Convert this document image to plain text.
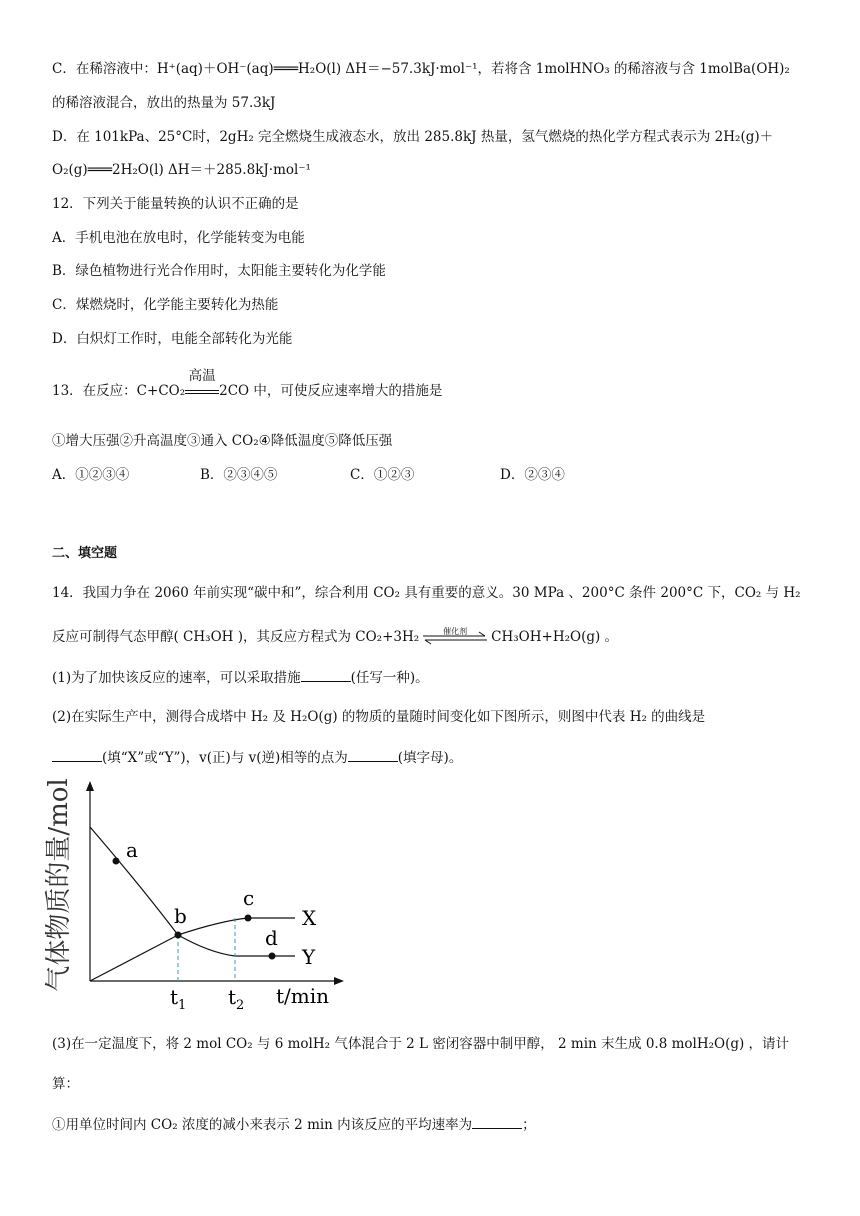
C．在稀溶液中：H⁺(aq)＋OH⁻(aq)═══H₂O(l) ΔH＝−57.3kJ·mol⁻¹，若将含 1molHNO₃ 的稀溶液与含 1molBa(OH)₂
的稀溶液混合，放出的热量为 57.3kJ
D．在 101kPa、25°C时，2gH₂ 完全燃烧生成液态水，放出 285.8kJ 热量，氢气燃烧的热化学方程式表示为 2H₂(g)＋
O₂(g)═══2H₂O(l) ΔH＝＋285.8kJ·mol⁻¹
12．下列关于能量转换的认识不正确的是
A．手机电池在放电时，化学能转变为电能
B．绿色植物进行光合作用时，太阳能主要转化为化学能
C．煤燃烧时，化学能主要转化为热能
D．白炽灯工作时，电能全部转化为光能
13．在反应：C+CO₂
高温
2CO 中，可使反应速率增大的措施是
①增大压强②升高温度③通入 CO₂④降低温度⑤降低压强
A．①②③④	B．②③④⑤	C．①②③	D．②③④
二、填空题
14．我国力争在 2060 年前实现“碳中和”，综合利用 CO₂ 具有重要的意义。30 MPa 、200°C 条件 200°C 下，CO₂ 与 H₂
反应可制得气态甲醇( CH₃OH )，其反应方程式为 CO₂+3H₂	催化剂	CH₃OH+H₂O(g) 。
(1)为了加快该反应的速率，可以采取措施	(任写一种)。
(2)在实际生产中，测得合成塔中 H₂ 及 H₂O(g) 的物质的量随时间变化如下图所示，则图中代表 H₂ 的曲线是
(填“X”或“Y”)，v(正)与 v(逆)相等的点为	(填字母)。
气体物质的量/mol	a
b
c
d
X
Y
$t_1$ $t_2$ t/min
(3)在一定温度下，将 2 mol CO₂ 与 6 molH₂ 气体混合于 2 L 密闭容器中制甲醇， 2 min 末生成 0.8 molH₂O(g) ，请计
算：
①用单位时间内 CO₂ 浓度的减小来表示 2 min 内该反应的平均速率为	；
